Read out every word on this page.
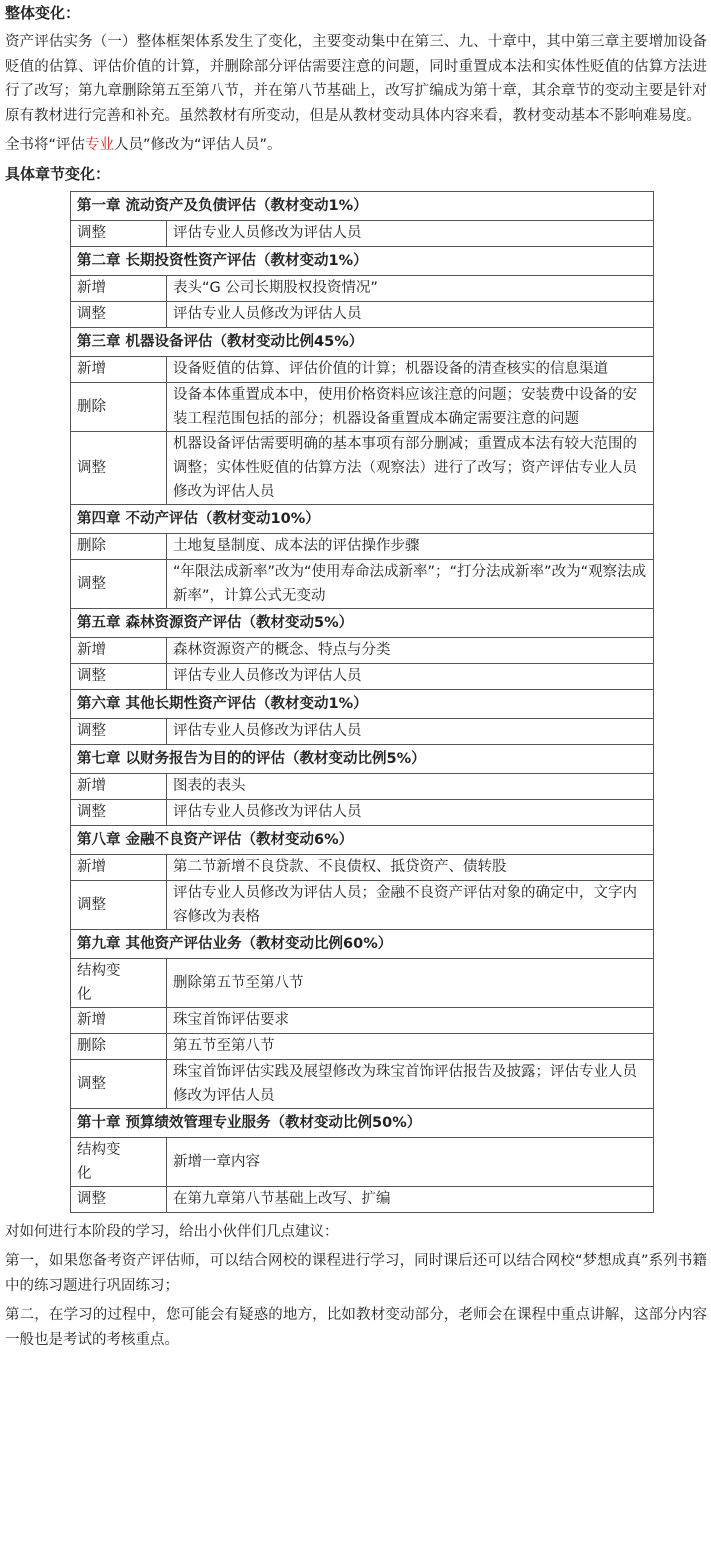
整体变化：
资产评估实务（一）整体框架体系发生了变化，主要变动集中在第三、九、十章中，其中第三章主要增加设备贬值的估算、评估价值的计算，并删除部分评估需要注意的问题，同时重置成本法和实体性贬值的估算方法进行了改写；第九章删除第五至第八节，并在第八节基础上，改写扩编成为第十章，其余章节的变动主要是针对原有教材进行完善和补充。虽然教材有所变动，但是从教材变动具体内容来看，教材变动基本不影响难易度。
全书将“评估专业人员”修改为“评估人员”。
具体章节变化：
第一章 流动资产及负债评估（教材变动1%）	
调整	评估专业人员修改为评估人员
第二章 长期投资性资产评估（教材变动1%）	
新增	表头“G 公司长期股权投资情况”
调整	评估专业人员修改为评估人员
第三章 机器设备评估（教材变动比例45%）	
新增	设备贬值的估算、评估价值的计算；机器设备的清查核实的信息渠道
删除	设备本体重置成本中，使用价格资料应该注意的问题；安装费中设备的安装工程范围包括的部分；机器设备重置成本确定需要注意的问题
调整	机器设备评估需要明确的基本事项有部分删减；重置成本法有较大范围的调整；实体性贬值的估算方法（观察法）进行了改写；资产评估专业人员修改为评估人员
第四章 不动产评估（教材变动10%）	
删除	土地复垦制度、成本法的评估操作步骤
调整	“年限法成新率”改为“使用寿命法成新率”；“打分法成新率”改为“观察法成新率”，计算公式无变动
第五章 森林资源资产评估（教材变动5%）	
新增	森林资源资产的概念、特点与分类
调整	评估专业人员修改为评估人员
第六章 其他长期性资产评估（教材变动1%）	
调整	评估专业人员修改为评估人员
第七章 以财务报告为目的的评估（教材变动比例5%）	
新增	图表的表头
调整	评估专业人员修改为评估人员
第八章 金融不良资产评估（教材变动6%）	
新增	第二节新增不良贷款、不良债权、抵贷资产、债转股
调整	评估专业人员修改为评估人员；金融不良资产评估对象的确定中，文字内容修改为表格
第九章 其他资产评估业务（教材变动比例60%）	
结构变化	删除第五节至第八节
新增	珠宝首饰评估要求
删除	第五节至第八节
调整	珠宝首饰评估实践及展望修改为珠宝首饰评估报告及披露；评估专业人员修改为评估人员
第十章 预算绩效管理专业服务（教材变动比例50%）	
结构变化	新增一章内容
调整	在第九章第八节基础上改写、扩编
对如何进行本阶段的学习，给出小伙伴们几点建议：
第一，如果您备考资产评估师，可以结合网校的课程进行学习，同时课后还可以结合网校“梦想成真”系列书籍中的练习题进行巩固练习；
第二，在学习的过程中，您可能会有疑惑的地方，比如教材变动部分，老师会在课程中重点讲解，这部分内容一般也是考试的考核重点。
